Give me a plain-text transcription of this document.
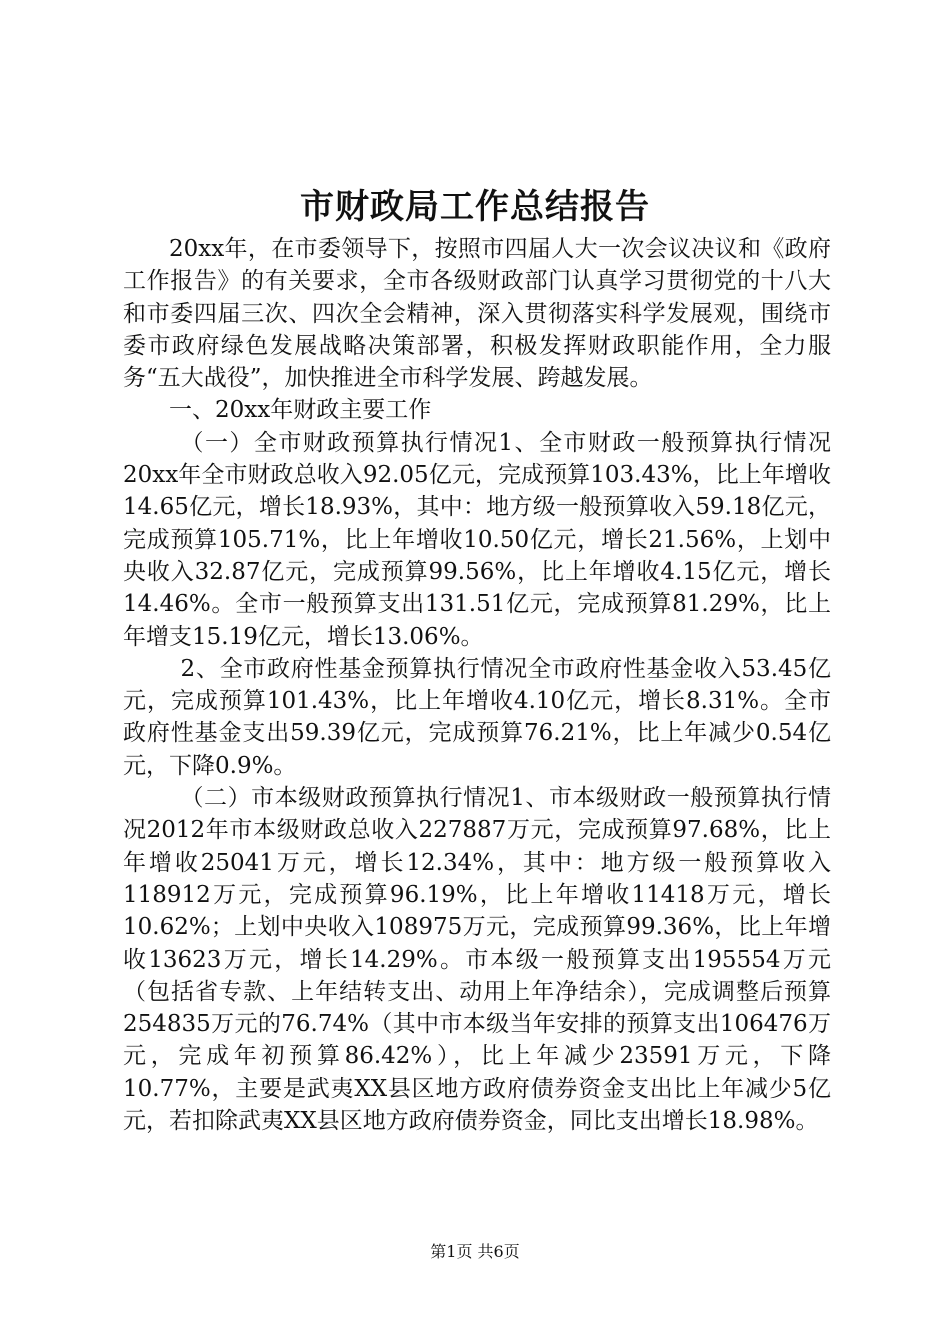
市财政局工作总结报告

20xx年，在市委领导下，按照市四届人大一次会议决议和《政府工作报告》的有关要求，全市各级财政部门认真学习贯彻党的十八大和市委四届三次、四次全会精神，深入贯彻落实科学发展观，围绕市委市政府绿色发展战略决策部署，积极发挥财政职能作用，全力服务“五大战役”，加快推进全市科学发展、跨越发展。

一、20xx年财政主要工作

（一）全市财政预算执行情况1、全市财政一般预算执行情况20xx年全市财政总收入92.05亿元，完成预算103.43%，比上年增收14.65亿元，增长18.93%，其中：地方级一般预算收入59.18亿元，完成预算105.71%，比上年增收10.50亿元，增长21.56%，上划中央收入32.87亿元，完成预算99.56%，比上年增收4.15亿元，增长14.46%。全市一般预算支出131.51亿元，完成预算81.29%，比上年增支15.19亿元，增长13.06%。

2、全市政府性基金预算执行情况全市政府性基金收入53.45亿元，完成预算101.43%，比上年增收4.10亿元，增长8.31%。全市政府性基金支出59.39亿元，完成预算76.21%，比上年减少0.54亿元，下降0.9%。

（二）市本级财政预算执行情况1、市本级财政一般预算执行情况2012年市本级财政总收入227887万元，完成预算97.68%，比上年增收25041万元，增长12.34%，其中：地方级一般预算收入118912万元，完成预算96.19%，比上年增收11418万元，增长10.62%；上划中央收入108975万元，完成预算99.36%，比上年增收13623万元，增长14.29%。市本级一般预算支出195554万元（包括省专款、上年结转支出、动用上年净结余），完成调整后预算254835万元的76.74%（其中市本级当年安排的预算支出106476万元，完成年初预算86.42%），比上年减少23591万元，下降10.77%，主要是武夷XX县区地方政府债券资金支出比上年减少5亿元，若扣除武夷XX县区地方政府债券资金，同比支出增长18.98%。

第1页 共6页
